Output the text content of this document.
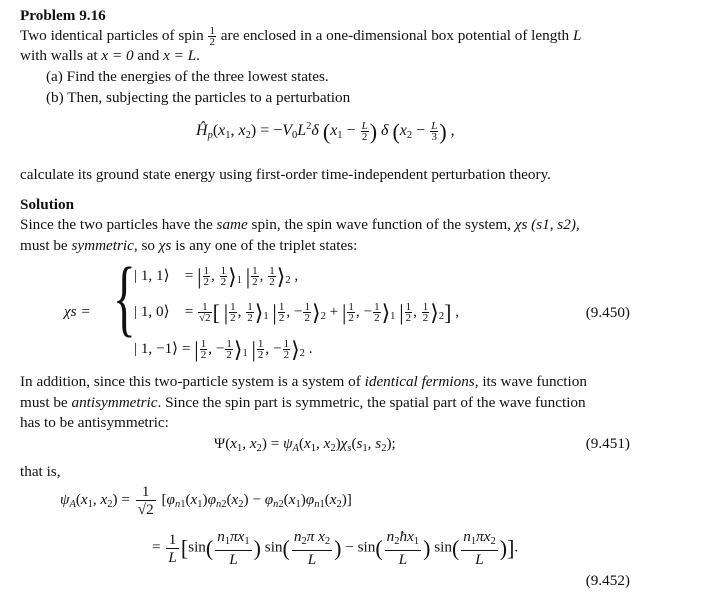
Problem 9.16
Two identical particles of spin $\frac{1}{2}$ are enclosed in a one-dimensional box potential of length L
with walls at x = 0 and x = L.
(a) Find the energies of the three lowest states.
(b) Then, subjecting the particles to a perturbation
$Ĥ_p(x_1$, $x_2) = -V_0L^2\delta$ ($x_1 - \frac{L}{2}$ ) δ ($x_2 - \frac{L}{3}$ ) ,
calculate its ground state energy using first-order time-independent perturbation theory.
Solution
Since the two particles have the same spin, the spin wave function of the system, χs (s1, s2),
must be symmetric, so χs is any one of the triplet states:
χs = {
| 1, 1⟩    = | $\frac{1}{2}$ , $\frac{1}{2}$ $⟩_1$ | $\frac{1}{2}$ , $\frac{1}{2}$ $⟩_2$ ,
| 1, 0⟩    = $\frac{1}{√2}$ [ | $\frac{1}{2}$ , $\frac{1}{2}$ $⟩_1$ | $\frac{1}{2}$ , − $\frac{1}{2}$ $⟩_2$ + | $\frac{1}{2}$ , − $\frac{1}{2}$ $⟩_1$ | $\frac{1}{2}$ , $\frac{1}{2}$ $⟩_2$] ,
| 1, −1⟩ = | $\frac{1}{2}$ , − $\frac{1}{2}$ $⟩_1$ | $\frac{1}{2}$ , − $\frac{1}{2}$ $⟩_2$ .
(9.450)
In addition, since this two-particle system is a system of identical fermions, its wave function
must be antisymmetric. Since the spin part is symmetric, the spatial part of the wave function
has to be antisymmetric:
$\Psi(x_1$, $x_2) = \psi_A(x_1$, $x_2)\chi_s(s_1$, $s_2$);	(9.451)
that is,
$\psi_A(x_1$, $x_2) = \frac{1}{√2} [\varphi_{n1}(x_1)\varphi_{n2}(x_2) - \varphi_{n2}(x_1)\varphi_{n1}(x_2)]$
= $\frac{1}{L} [\sin( \frac{n_1\pi x_1}{L}$ ) $\sin( \frac{n_2\pi x_2}{L}$ ) − $\sin( \frac{n_2ħx_1}{L}$ ) $\sin( \frac{n_1\pi x_2}{L}$ )].
(9.452)
